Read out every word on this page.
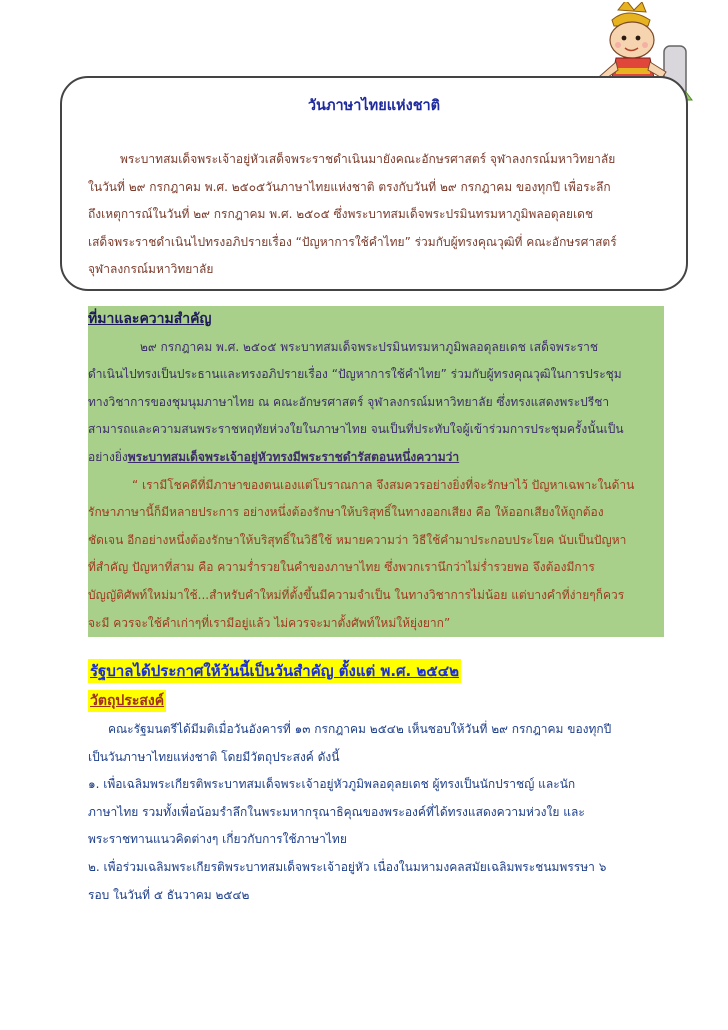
วันภาษาไทยแห่งชาติ

พระบาทสมเด็จพระเจ้าอยู่หัวเสด็จพระราชดำเนินมายังคณะอักษรศาสตร์ จุฬาลงกรณ์มหาวิทยาลัย

ในวันที่ ๒๙ กรกฎาคม พ.ศ. ๒๕๐๕วันภาษาไทยแห่งชาติ ตรงกับวันที่ ๒๙ กรกฎาคม ของทุกปี เพื่อระลึก

ถึงเหตุการณ์ในวันที่ ๒๙ กรกฎาคม พ.ศ. ๒๕๐๕ ซึ่งพระบาทสมเด็จพระปรมินทรมหาภูมิพลอดุลยเดช

เสด็จพระราชดำเนินไปทรงอภิปรายเรื่อง “ปัญหาการใช้คำไทย” ร่วมกับผู้ทรงคุณวุฒิที่ คณะอักษรศาสตร์

จุฬาลงกรณ์มหาวิทยาลัย

ที่มาและความสำคัญ

๒๙ กรกฎาคม พ.ศ. ๒๕๐๕ พระบาทสมเด็จพระปรมินทรมหาภูมิพลอดุลยเดช เสด็จพระราช

ดำเนินไปทรงเป็นประธานและทรงอภิปรายเรื่อง “ปัญหาการใช้คำไทย” ร่วมกับผู้ทรงคุณวุฒิในการประชุม

ทางวิชาการของชุมนุมภาษาไทย ณ คณะอักษรศาสตร์ จุฬาลงกรณ์มหาวิทยาลัย ซึ่งทรงแสดงพระปรีชา

สามารถและความสนพระราชหฤทัยห่วงใยในภาษาไทย จนเป็นที่ประทับใจผู้เข้าร่วมการประชุมครั้งนั้นเป็น

อย่างยิ่งพระบาทสมเด็จพระเจ้าอยู่หัวทรงมีพระราชดำรัสตอนหนึ่งความว่า

“ เรามีโชคดีที่มีภาษาของตนเองแต่โบราณกาล จึงสมควรอย่างยิ่งที่จะรักษาไว้ ปัญหาเฉพาะในด้าน

รักษาภาษานี้ก็มีหลายประการ อย่างหนึ่งต้องรักษาให้บริสุทธิ์ในทางออกเสียง คือ ให้ออกเสียงให้ถูกต้อง

ชัดเจน อีกอย่างหนึ่งต้องรักษาให้บริสุทธิ์ในวิธีใช้ หมายความว่า วิธีใช้คำมาประกอบประโยค นับเป็นปัญหา

ที่สำคัญ ปัญหาที่สาม คือ ความร่ำรวยในคำของภาษาไทย ซึ่งพวกเรานึกว่าไม่ร่ำรวยพอ จึงต้องมีการ

บัญญัติศัพท์ใหม่มาใช้...สำหรับคำใหม่ที่ตั้งขึ้นมีความจำเป็น ในทางวิชาการไม่น้อย แต่บางคำที่ง่ายๆก็ควร

จะมี ควรจะใช้คำเก่าๆที่เรามีอยู่แล้ว ไม่ควรจะมาตั้งศัพท์ใหม่ให้ยุ่งยาก”

รัฐบาลได้ประกาศให้วันนี้เป็นวันสำคัญ ตั้งแต่ พ.ศ. ๒๕๔๒
วัตถุประสงค์

คณะรัฐมนตรีได้มีมติเมื่อวันอังคารที่ ๑๓ กรกฎาคม ๒๕๔๒ เห็นชอบให้วันที่ ๒๙ กรกฎาคม ของทุกปี

เป็นวันภาษาไทยแห่งชาติ โดยมีวัตถุประสงค์ ดังนี้

๑. เพื่อเฉลิมพระเกียรติพระบาทสมเด็จพระเจ้าอยู่หัวภูมิพลอดุลยเดช ผู้ทรงเป็นนักปราชญ์ และนัก

ภาษาไทย รวมทั้งเพื่อน้อมรำลึกในพระมหากรุณาธิคุณของพระองค์ที่ได้ทรงแสดงความห่วงใย และ

พระราชทานแนวคิดต่างๆ เกี่ยวกับการใช้ภาษาไทย

๒. เพื่อร่วมเฉลิมพระเกียรติพระบาทสมเด็จพระเจ้าอยู่หัว เนื่องในมหามงคลสมัยเฉลิมพระชนมพรรษา ๖

รอบ ในวันที่ ๕ ธันวาคม ๒๕๔๒
